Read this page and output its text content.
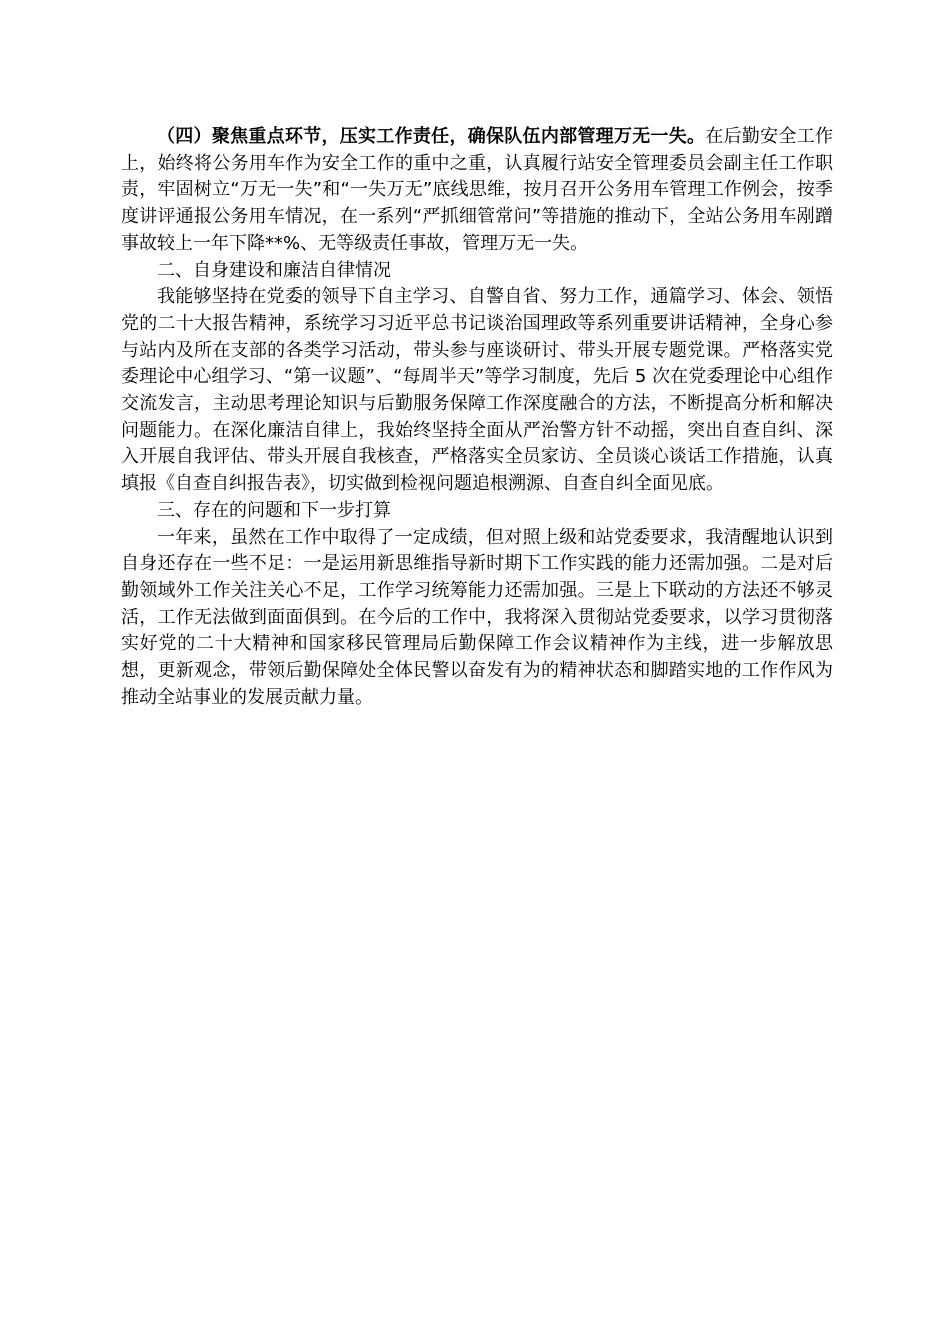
（四）聚焦重点环节，压实工作责任，确保队伍内部管理万无一失。在后勤安全工作上，始终将公务用车作为安全工作的重中之重，认真履行站安全管理委员会副主任工作职责，牢固树立“万无一失”和“一失万无”底线思维，按月召开公务用车管理工作例会，按季度讲评通报公务用车情况，在一系列“严抓细管常问”等措施的推动下，全站公务用车剐蹭事故较上一年下降**%、无等级责任事故，管理万无一失。

二、自身建设和廉洁自律情况

我能够坚持在党委的领导下自主学习、自警自省、努力工作，通篇学习、体会、领悟党的二十大报告精神，系统学习习近平总书记谈治国理政等系列重要讲话精神，全身心参与站内及所在支部的各类学习活动，带头参与座谈研讨、带头开展专题党课。严格落实党委理论中心组学习、“第一议题”、“每周半天”等学习制度，先后 5 次在党委理论中心组作交流发言，主动思考理论知识与后勤服务保障工作深度融合的方法，不断提高分析和解决问题能力。在深化廉洁自律上，我始终坚持全面从严治警方针不动摇，突出自查自纠、深入开展自我评估、带头开展自我核查，严格落实全员家访、全员谈心谈话工作措施，认真填报《自查自纠报告表》，切实做到检视问题追根溯源、自查自纠全面见底。

三、存在的问题和下一步打算

一年来，虽然在工作中取得了一定成绩，但对照上级和站党委要求，我清醒地认识到自身还存在一些不足：一是运用新思维指导新时期下工作实践的能力还需加强。二是对后勤领域外工作关注关心不足，工作学习统筹能力还需加强。三是上下联动的方法还不够灵活，工作无法做到面面俱到。在今后的工作中，我将深入贯彻站党委要求，以学习贯彻落实好党的二十大精神和国家移民管理局后勤保障工作会议精神作为主线，进一步解放思想，更新观念，带领后勤保障处全体民警以奋发有为的精神状态和脚踏实地的工作作风为推动全站事业的发展贡献力量。
